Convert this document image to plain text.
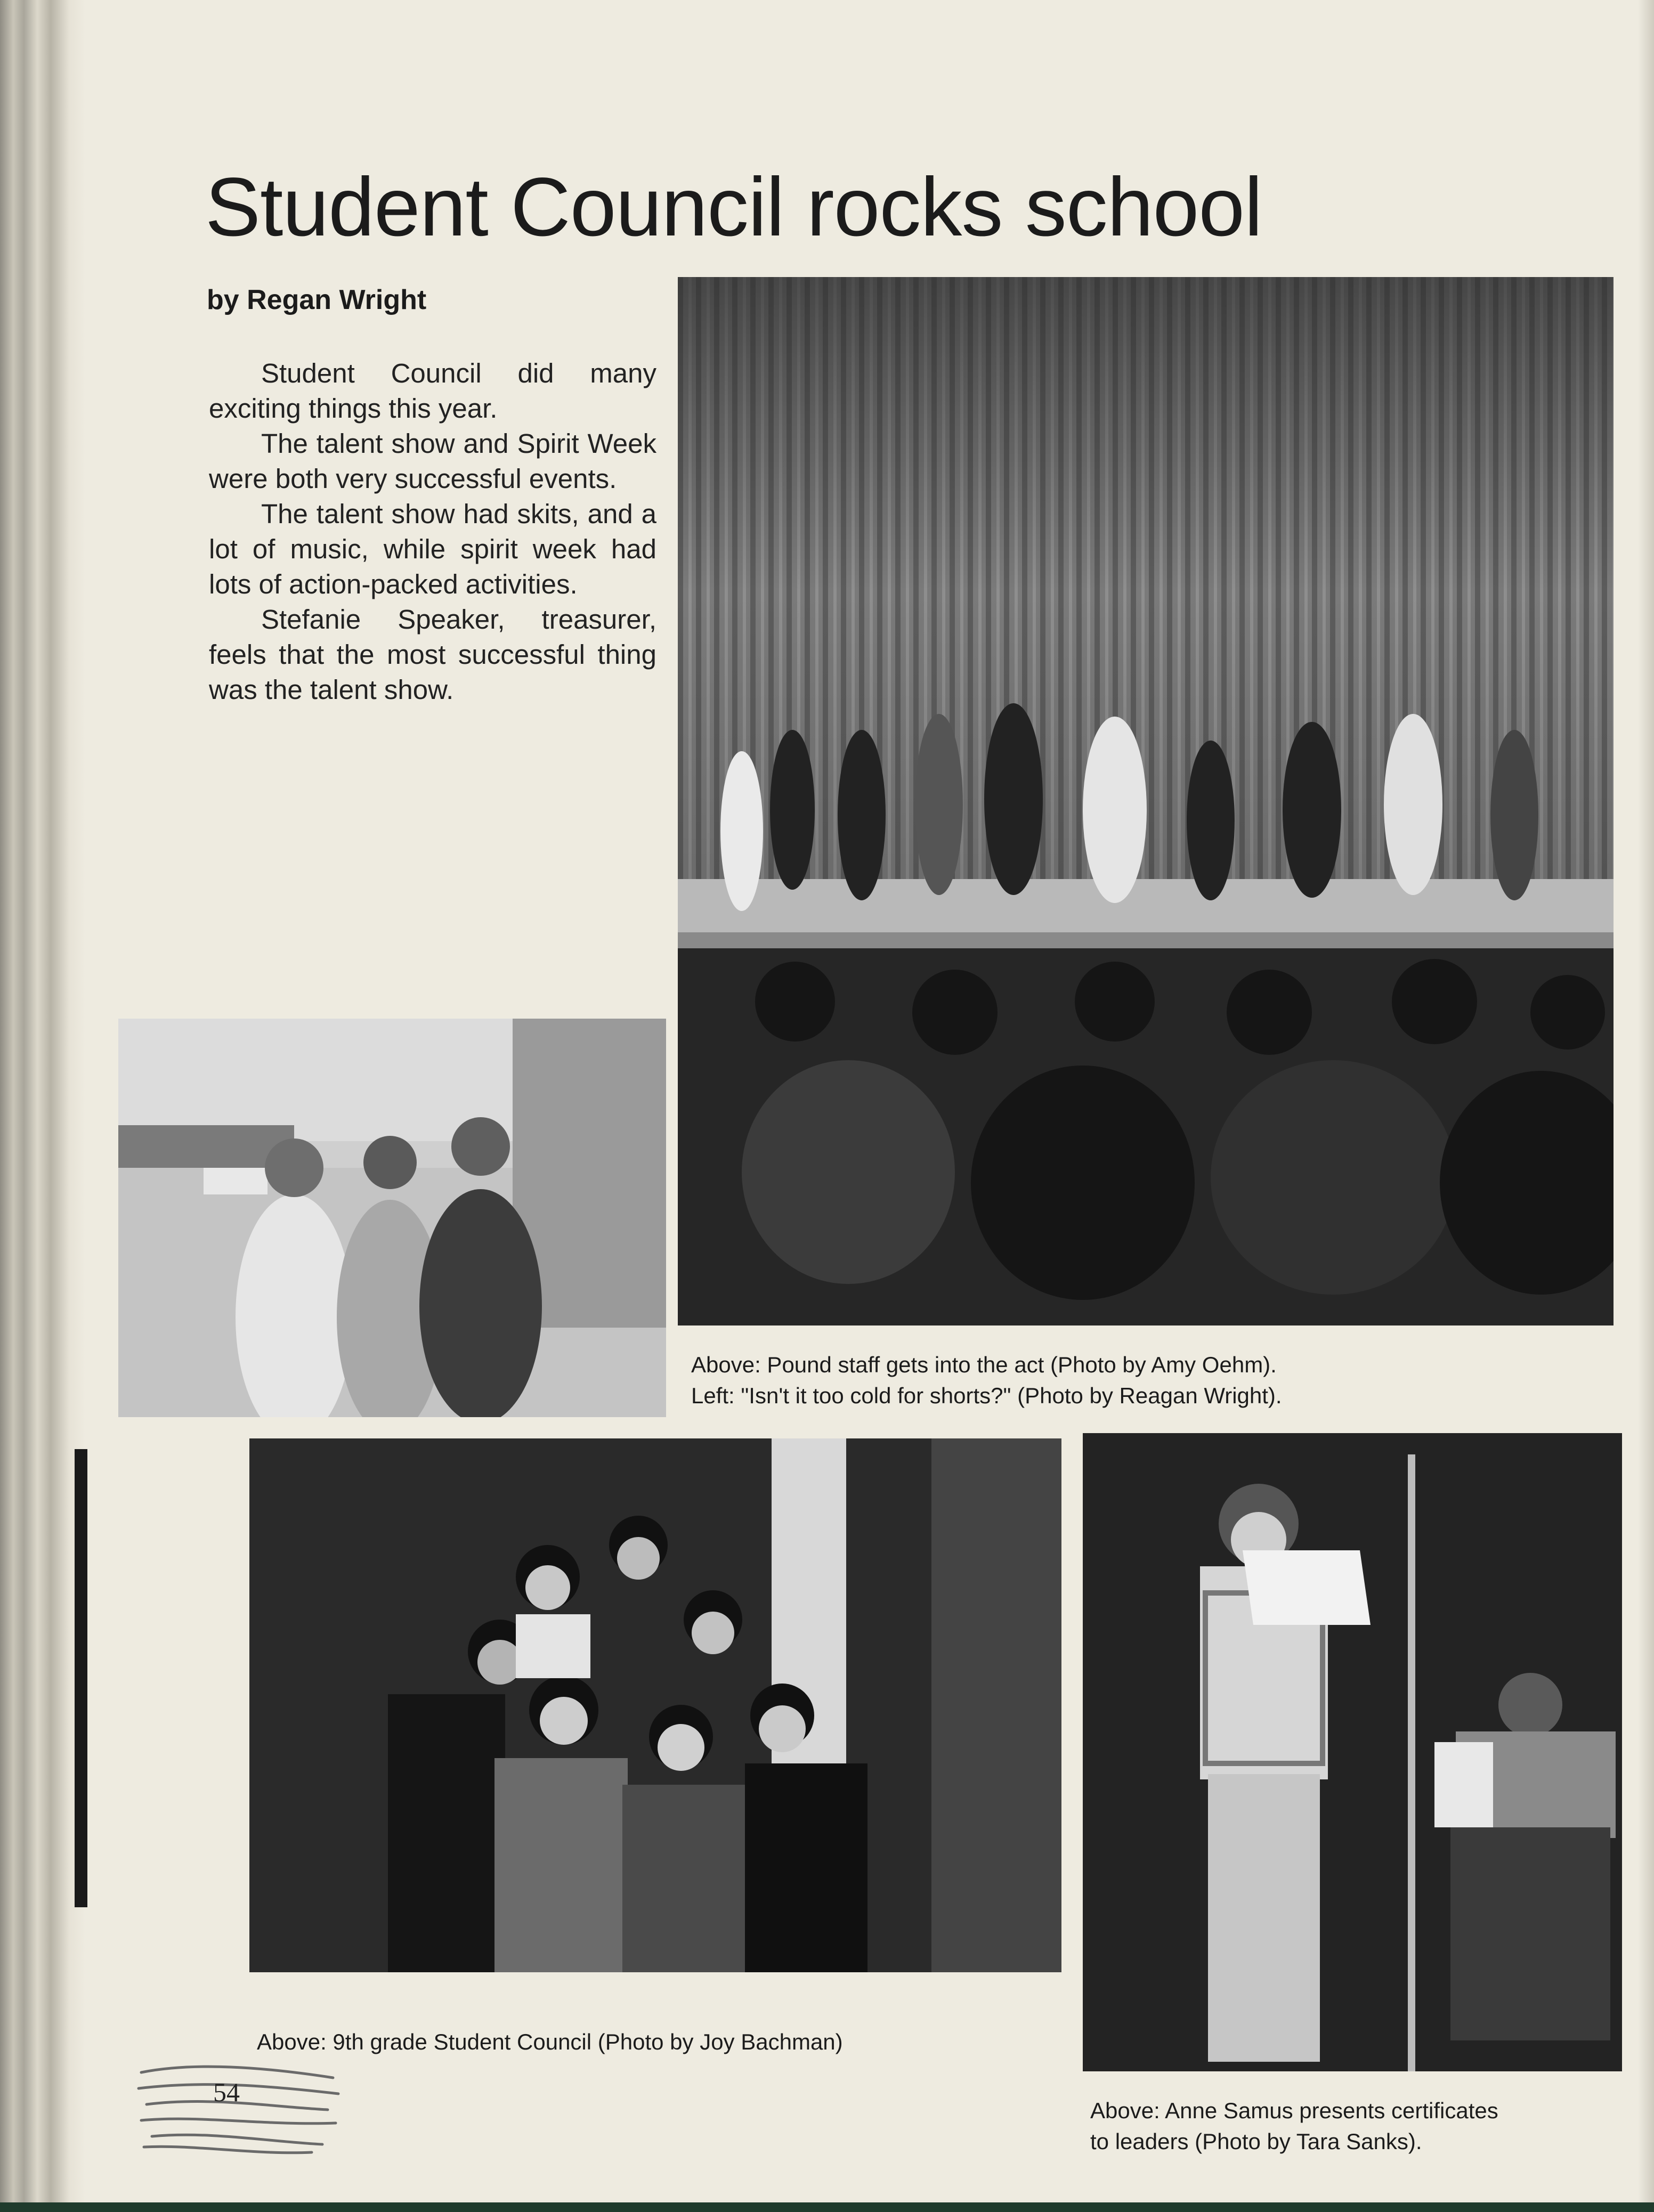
Student Council rocks school

by Regan Wright

Student Council did many exciting things this year.

The talent show and Spirit Week were both very successful events.

The talent show had skits, and a lot of music, while spirit week had lots of action-packed activities.

Stefanie Speaker, treasurer, feels that the most successful thing was the talent show.

Above: Pound staff gets into the act (Photo by Amy Oehm).
Left: "Isn't it too cold for shorts?" (Photo by Reagan Wright).

Above: 9th grade Student Council (Photo by Joy Bachman)

Above: Anne Samus presents certificates
to leaders (Photo by Tara Sanks).

54
